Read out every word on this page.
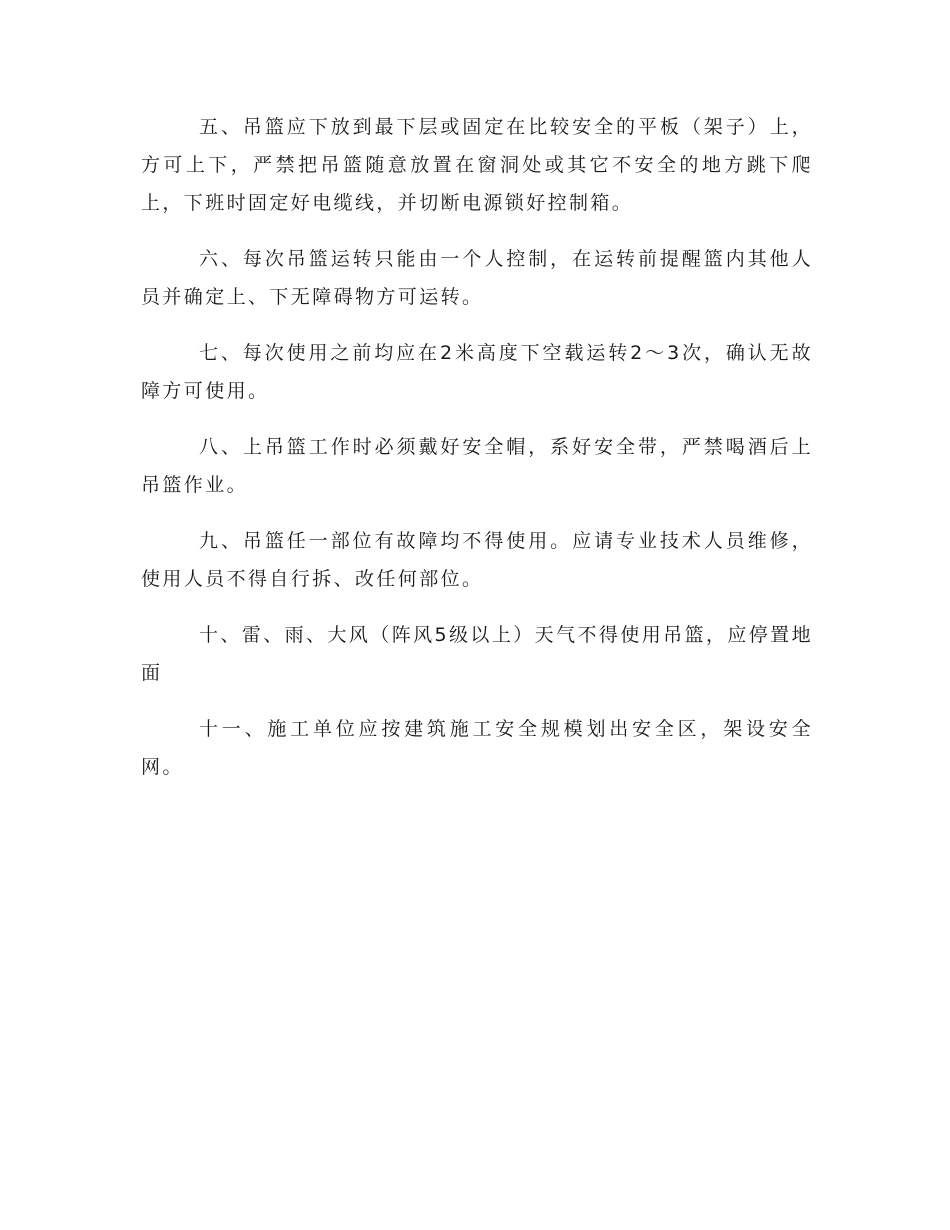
五、吊篮应下放到最下层或固定在比较安全的平板（架子）上，方可上下，严禁把吊篮随意放置在窗洞处或其它不安全的地方跳下爬上，下班时固定好电缆线，并切断电源锁好控制箱。

六、每次吊篮运转只能由一个人控制，在运转前提醒篮内其他人员并确定上、下无障碍物方可运转。

七、每次使用之前均应在2米高度下空载运转2～3次，确认无故障方可使用。

八、上吊篮工作时必须戴好安全帽，系好安全带，严禁喝酒后上吊篮作业。

九、吊篮任一部位有故障均不得使用。应请专业技术人员维修，使用人员不得自行拆、改任何部位。

十、雷、雨、大风（阵风5级以上）天气不得使用吊篮，应停置地面

十一、施工单位应按建筑施工安全规模划出安全区，架设安全网。
